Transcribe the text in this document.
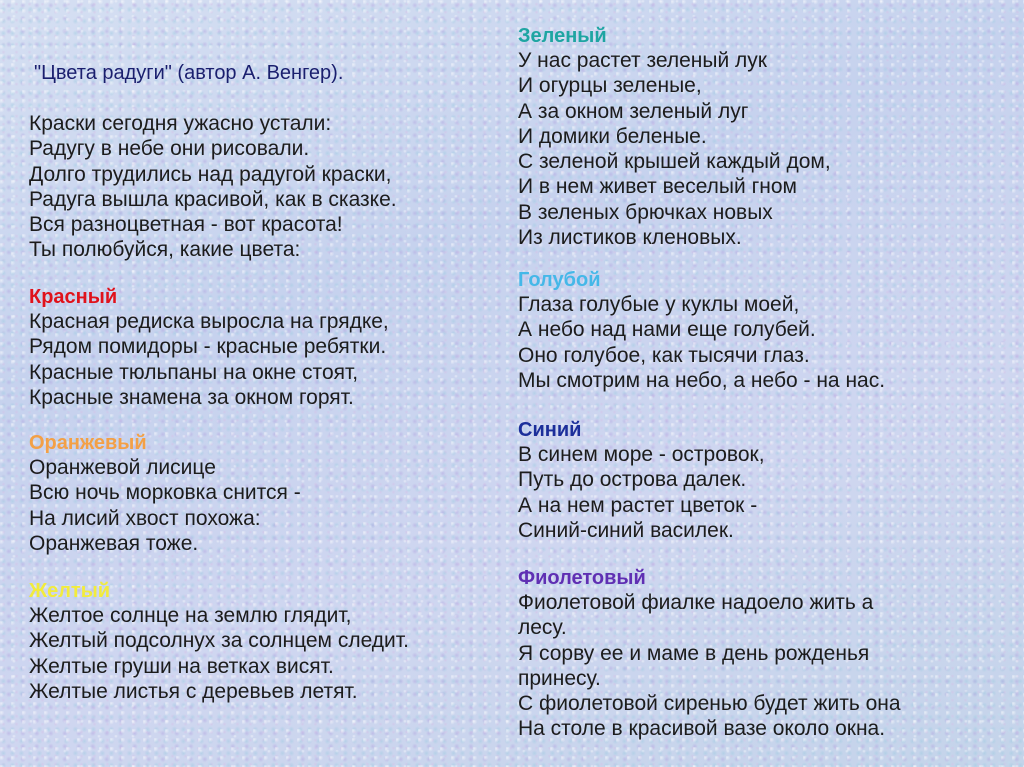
"Цвета радуги" (автор А. Венгер).
Краски сегодня ужасно устали:
Радугу в небе они рисовали.
Долго трудились над радугой краски,
Радуга вышла красивой, как в сказке.
Вся разноцветная - вот красота!
Ты полюбуйся, какие цвета:
Красный
Красная редиска выросла на грядке,
Рядом помидоры - красные ребятки.
Красные тюльпаны на окне стоят,
Красные знамена за окном горят.
Оранжевый
Оранжевой лисице
Всю ночь морковка снится -
На лисий хвост похожа:
Оранжевая тоже.
Желтый
Желтое солнце на землю глядит,
Желтый подсолнух за солнцем следит.
Желтые груши на ветках висят.
Желтые листья с деревьев летят.
Зеленый
У нас растет зеленый лук
И огурцы зеленые,
А за окном зеленый луг
И домики беленые.
С зеленой крышей каждый дом,
И в нем живет веселый гном
В зеленых брючках новых
Из листиков кленовых.
Голубой
Глаза голубые у куклы моей,
А небо над нами еще голубей.
Оно голубое, как тысячи глаз.
Мы смотрим на небо, а небо - на нас.
Синий
В синем море - островок,
Путь до острова далек.
А на нем растет цветок -
Синий-синий василек.
Фиолетовый
Фиолетовой фиалке надоело жить а
лесу.
Я сорву ее и маме в день рожденья
принесу.
С фиолетовой сиренью будет жить она
На столе в красивой вазе около окна.
